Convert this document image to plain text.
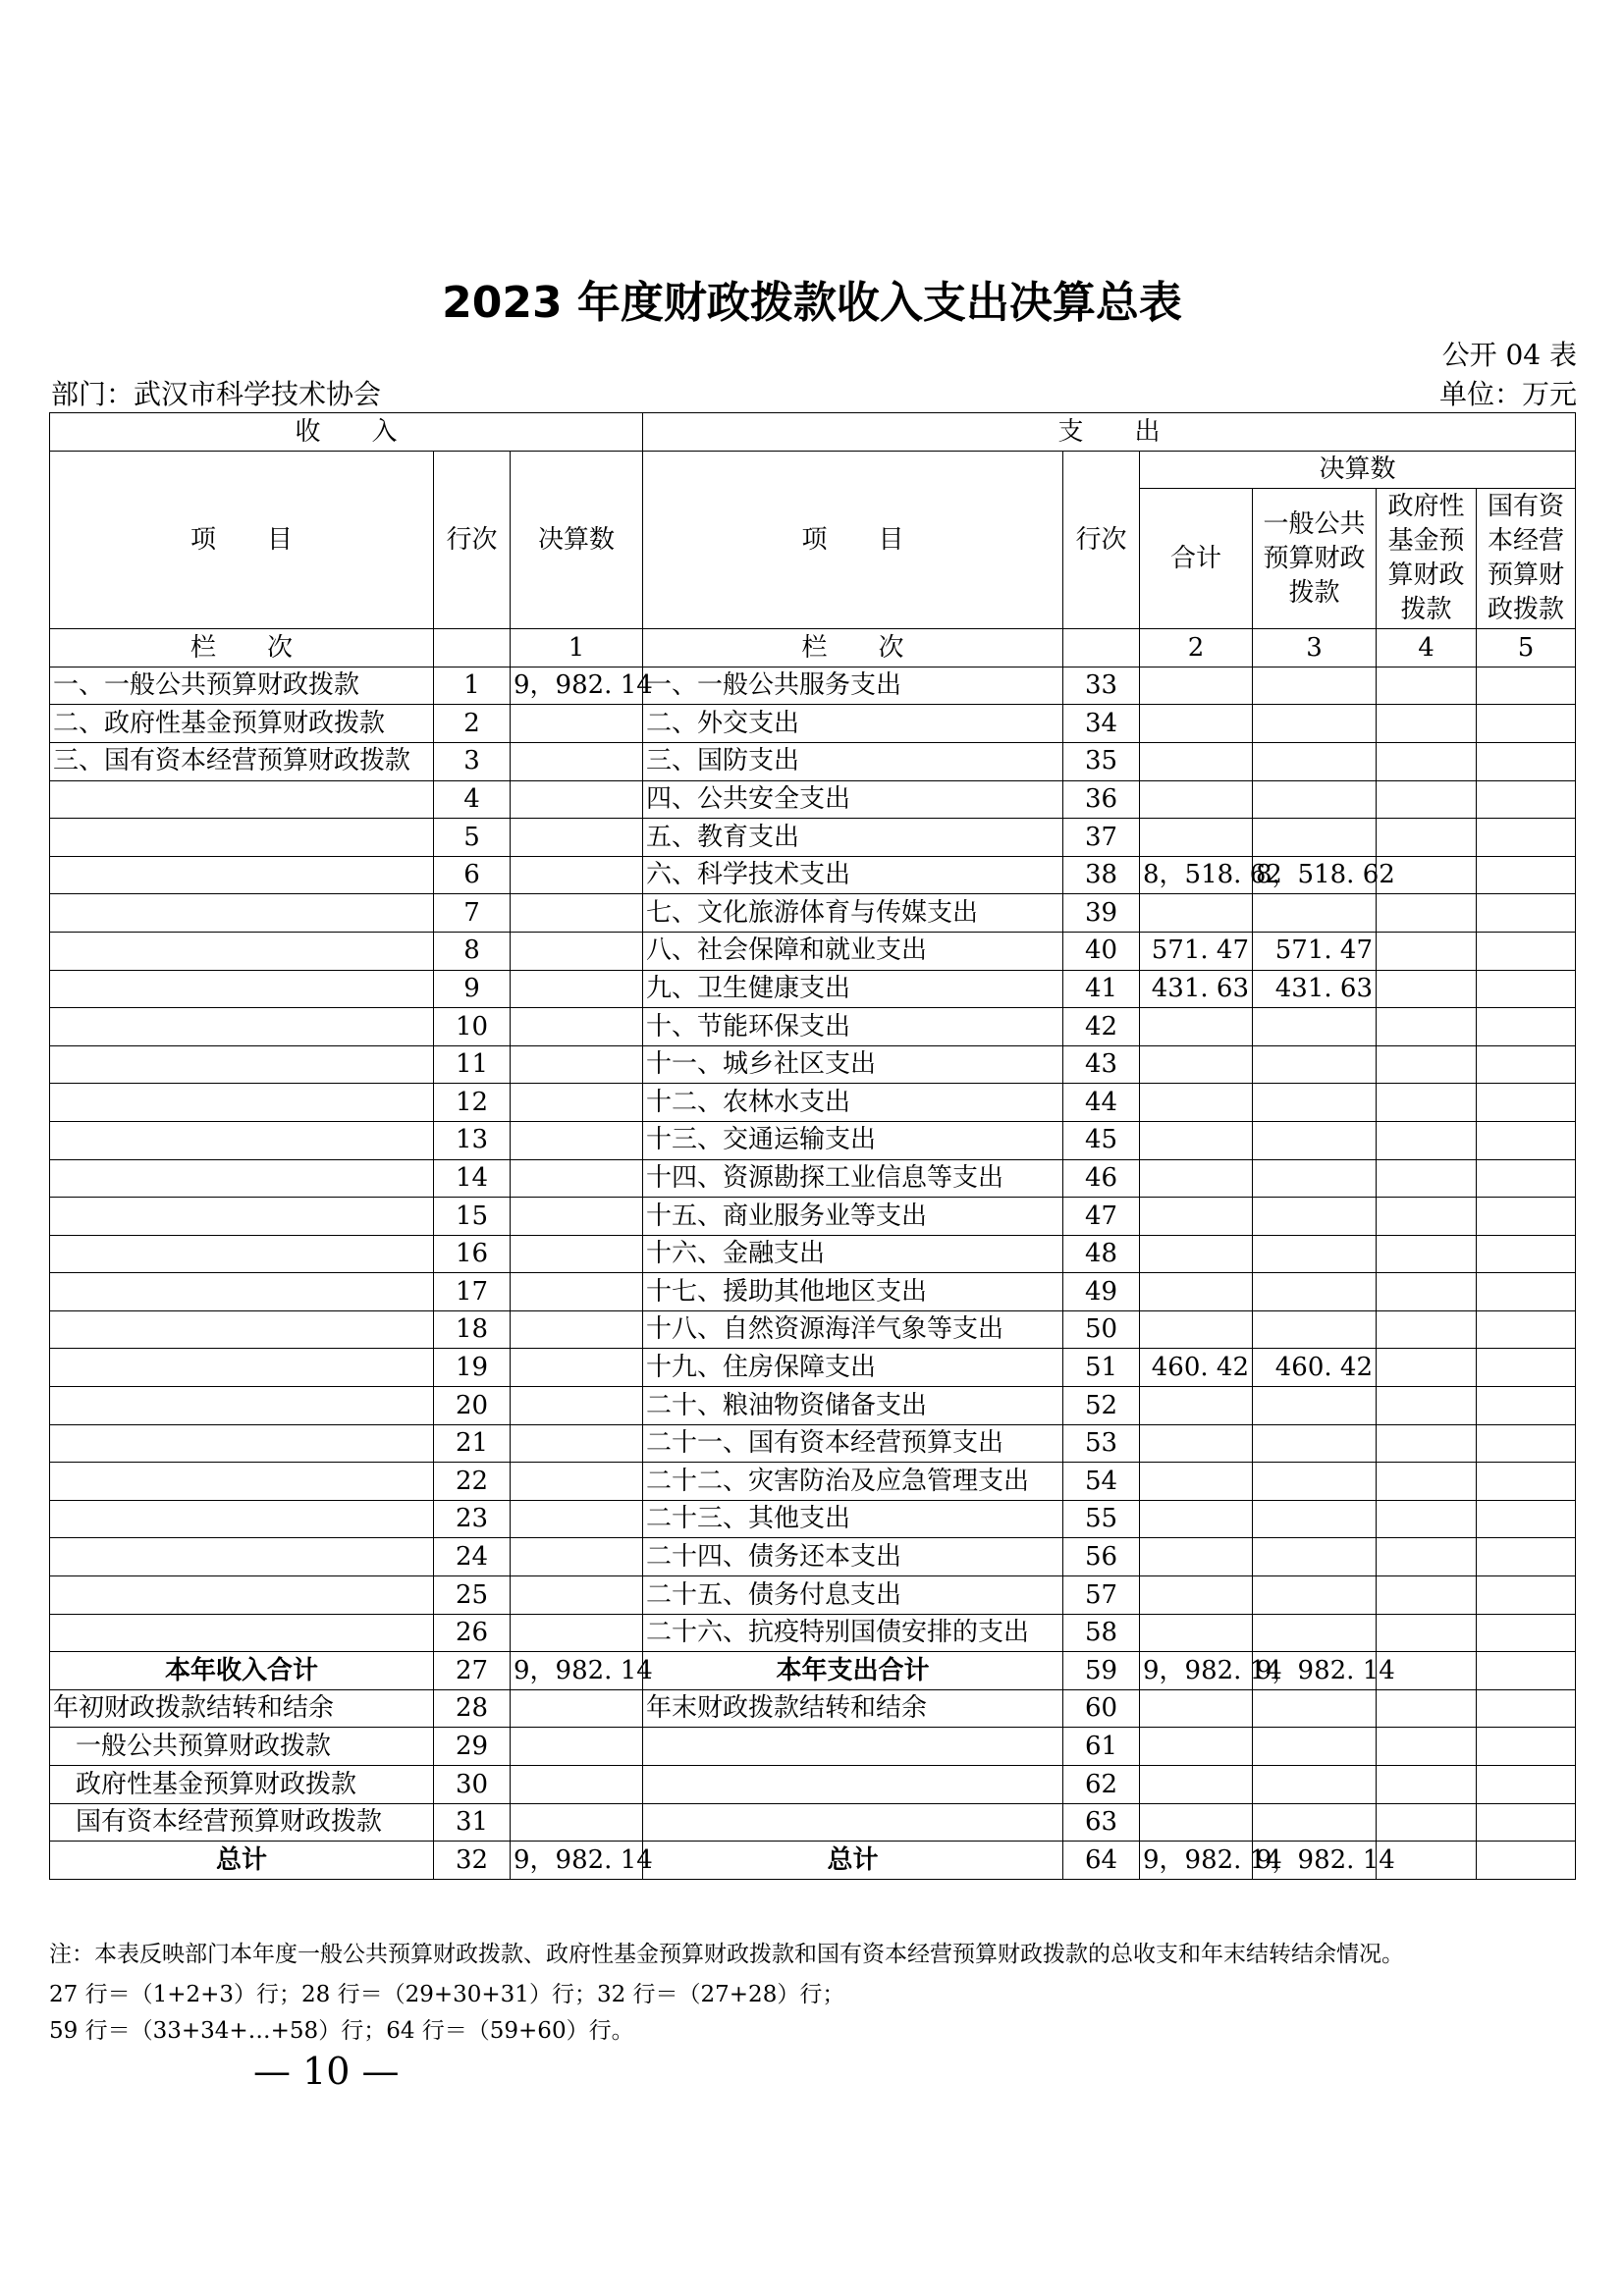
2023 年度财政拨款收入支出决算总表
公开 04 表
部门：武汉市科学技术协会	单位：万元
收　　入			支　　出					
项　　目	行次	决算数	项　　目	行次	决算数			
					合计	一般公共预算财政拨款	政府性基金预算财政拨款	国有资本经营预算财政拨款
栏　　次		1	栏　　次		2	3	4	5
一、一般公共预算财政拨款	1	9，982. 14	一、一般公共服务支出	33				
二、政府性基金预算财政拨款	2		二、外交支出	34				
三、国有资本经营预算财政拨款	3		三、国防支出	35				
	4		四、公共安全支出	36				
	5		五、教育支出	37				
	6		六、科学技术支出	38	8，518. 62	8，518. 62		
	7		七、文化旅游体育与传媒支出	39				
	8		八、社会保障和就业支出	40	571. 47	571. 47		
	9		九、卫生健康支出	41	431. 63	431. 63		
	10		十、节能环保支出	42				
	11		十一、城乡社区支出	43				
	12		十二、农林水支出	44				
	13		十三、交通运输支出	45				
	14		十四、资源勘探工业信息等支出	46				
	15		十五、商业服务业等支出	47				
	16		十六、金融支出	48				
	17		十七、援助其他地区支出	49				
	18		十八、自然资源海洋气象等支出	50				
	19		十九、住房保障支出	51	460. 42	460. 42		
	20		二十、粮油物资储备支出	52				
	21		二十一、国有资本经营预算支出	53				
	22		二十二、灾害防治及应急管理支出	54				
	23		二十三、其他支出	55				
	24		二十四、债务还本支出	56				
	25		二十五、债务付息支出	57				
	26		二十六、抗疫特别国债安排的支出	58				
本年收入合计	27	9，982. 14	本年支出合计	59	9，982. 14	9，982. 14		
年初财政拨款结转和结余	28		年末财政拨款结转和结余	60				
一般公共预算财政拨款	29			61				
政府性基金预算财政拨款	30			62				
国有资本经营预算财政拨款	31			63				
总计	32	9，982. 14	总计	64	9，982. 14	9，982. 14		
注：本表反映部门本年度一般公共预算财政拨款、政府性基金预算财政拨款和国有资本经营预算财政拨款的总收支和年末结转结余情况。
27 行＝（1+2+3）行；28 行＝（29+30+31）行；32 行＝（27+28）行；
59 行＝（33+34+…+58）行；64 行＝（59+60）行。
— 10 —
